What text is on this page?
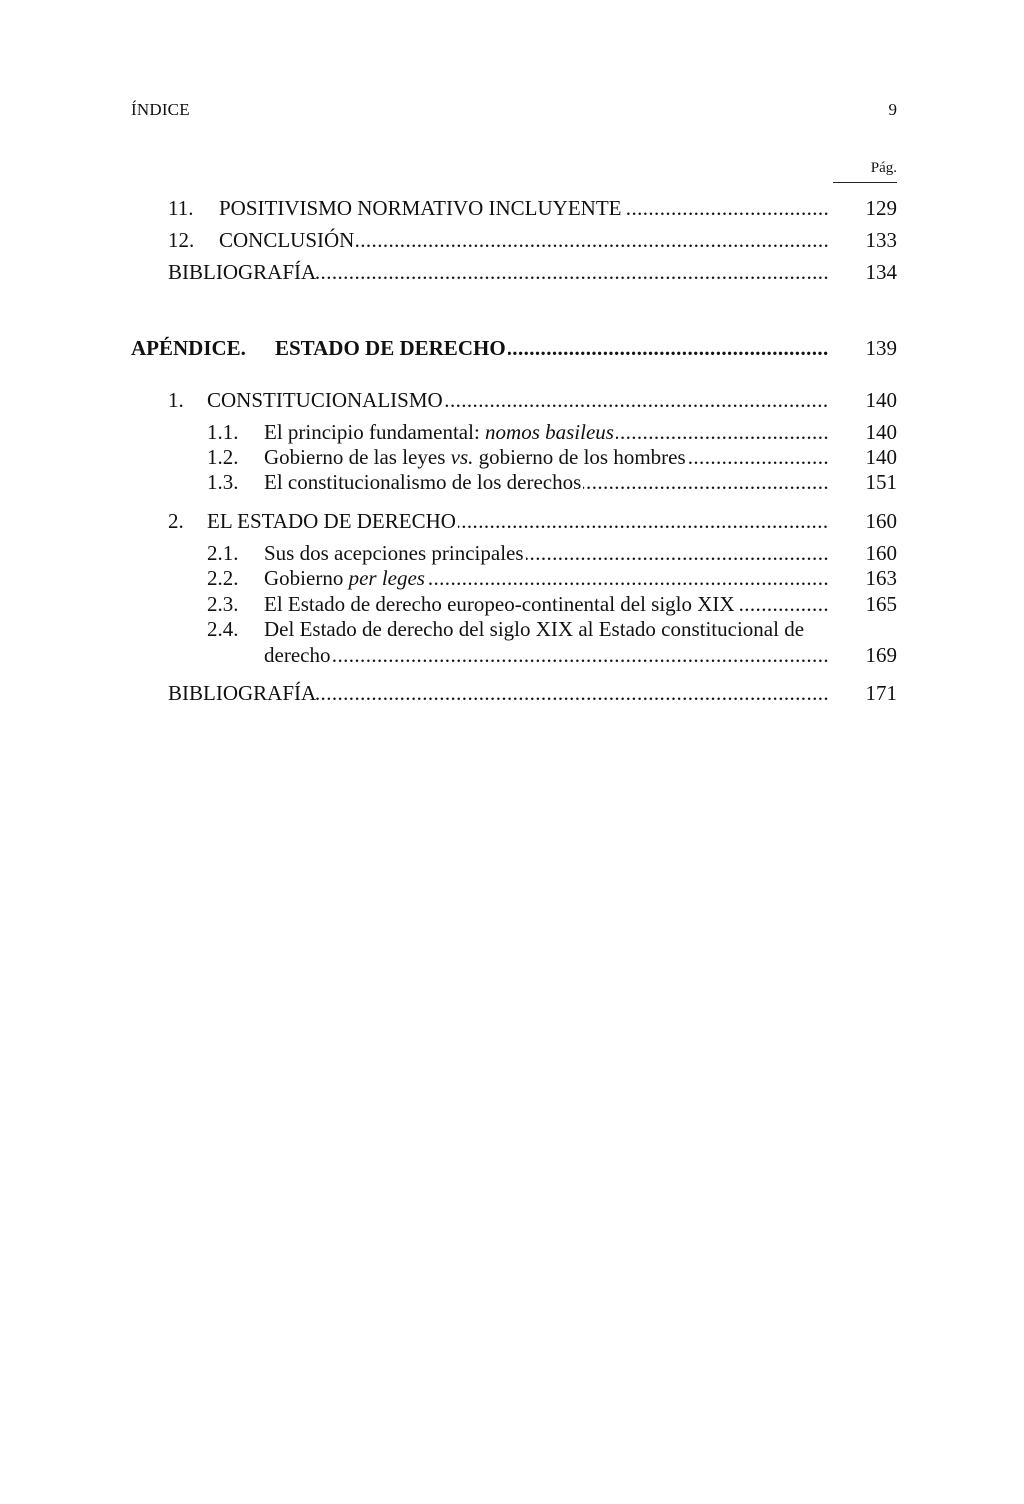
ÍNDICE	9
Pág.
11. POSITIVISMO NORMATIVO INCLUYENTE .....	129
12. CONCLUSIÓN .....	133
BIBLIOGRAFÍA .....	134
APÉNDICE. ESTADO DE DERECHO .....	139
1. CONSTITUCIONALISMO .....	140
1.1. El principio fundamental: nomos basileus .....	140
1.2. Gobierno de las leyes vs. gobierno de los hombres .....	140
1.3. El constitucionalismo de los derechos .....	151
2. EL ESTADO DE DERECHO .....	160
2.1. Sus dos acepciones principales .....	160
2.2. Gobierno per leges .....	163
2.3. El Estado de derecho europeo-continental del siglo XIX .....	165
2.4. Del Estado de derecho del siglo XIX al Estado constitucional de
derecho .....	169
BIBLIOGRAFÍA .....	171
